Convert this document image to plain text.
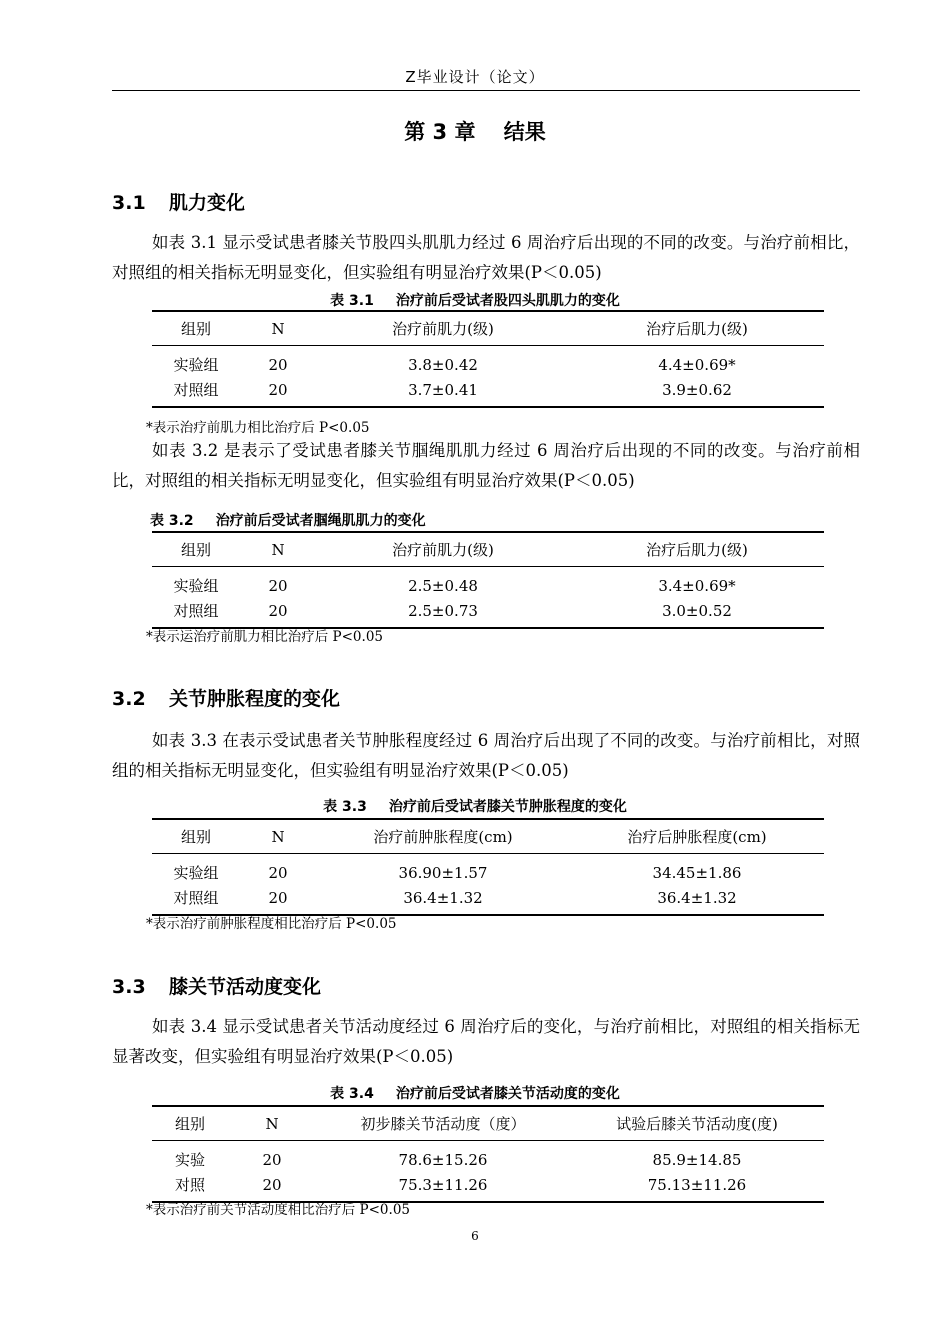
Z毕业设计（论文）
第 3 章　 结果
3.1 肌力变化
如表 3.1 显示受试患者膝关节股四头肌肌力经过 6 周治疗后出现的不同的改变。与治疗前相比，对照组的相关指标无明显变化，但实验组有明显治疗效果(P＜0.05)
表 3.1 治疗前后受试者股四头肌肌力的变化
组别	N	治疗前肌力(级)	治疗后肌力(级)
实验组	20	3.8±0.42	4.4±0.69*
对照组	20	3.7±0.41	3.9±0.62
*表示治疗前肌力相比治疗后 P<0.05
如表 3.2 是表示了受试患者膝关节腘绳肌肌力经过 6 周治疗后出现的不同的改变。与治疗前相比，对照组的相关指标无明显变化，但实验组有明显治疗效果(P＜0.05)
表 3.2 治疗前后受试者腘绳肌肌力的变化
组别	N	治疗前肌力(级)	治疗后肌力(级)
实验组	20	2.5±0.48	3.4±0.69*
对照组	20	2.5±0.73	3.0±0.52
*表示运治疗前肌力相比治疗后 P<0.05
3.2 关节肿胀程度的变化
如表 3.3 在表示受试患者关节肿胀程度经过 6 周治疗后出现了不同的改变。与治疗前相比，对照组的相关指标无明显变化，但实验组有明显治疗效果(P＜0.05)
表 3.3 治疗前后受试者膝关节肿胀程度的变化
组别	N	治疗前肿胀程度(cm)	治疗后肿胀程度(cm)
实验组	20	36.90±1.57	34.45±1.86
对照组	20	36.4±1.32	36.4±1.32
*表示治疗前肿胀程度相比治疗后 P<0.05
3.3 膝关节活动度变化
如表 3.4 显示受试患者关节活动度经过 6 周治疗后的变化，与治疗前相比，对照组的相关指标无显著改变，但实验组有明显治疗效果(P＜0.05)
表 3.4 治疗前后受试者膝关节活动度的变化
组别	N	初步膝关节活动度（度）	试验后膝关节活动度(度)
实验	20	78.6±15.26	85.9±14.85
对照	20	75.3±11.26	75.13±11.26
*表示治疗前关节活动度相比治疗后 P<0.05
6
